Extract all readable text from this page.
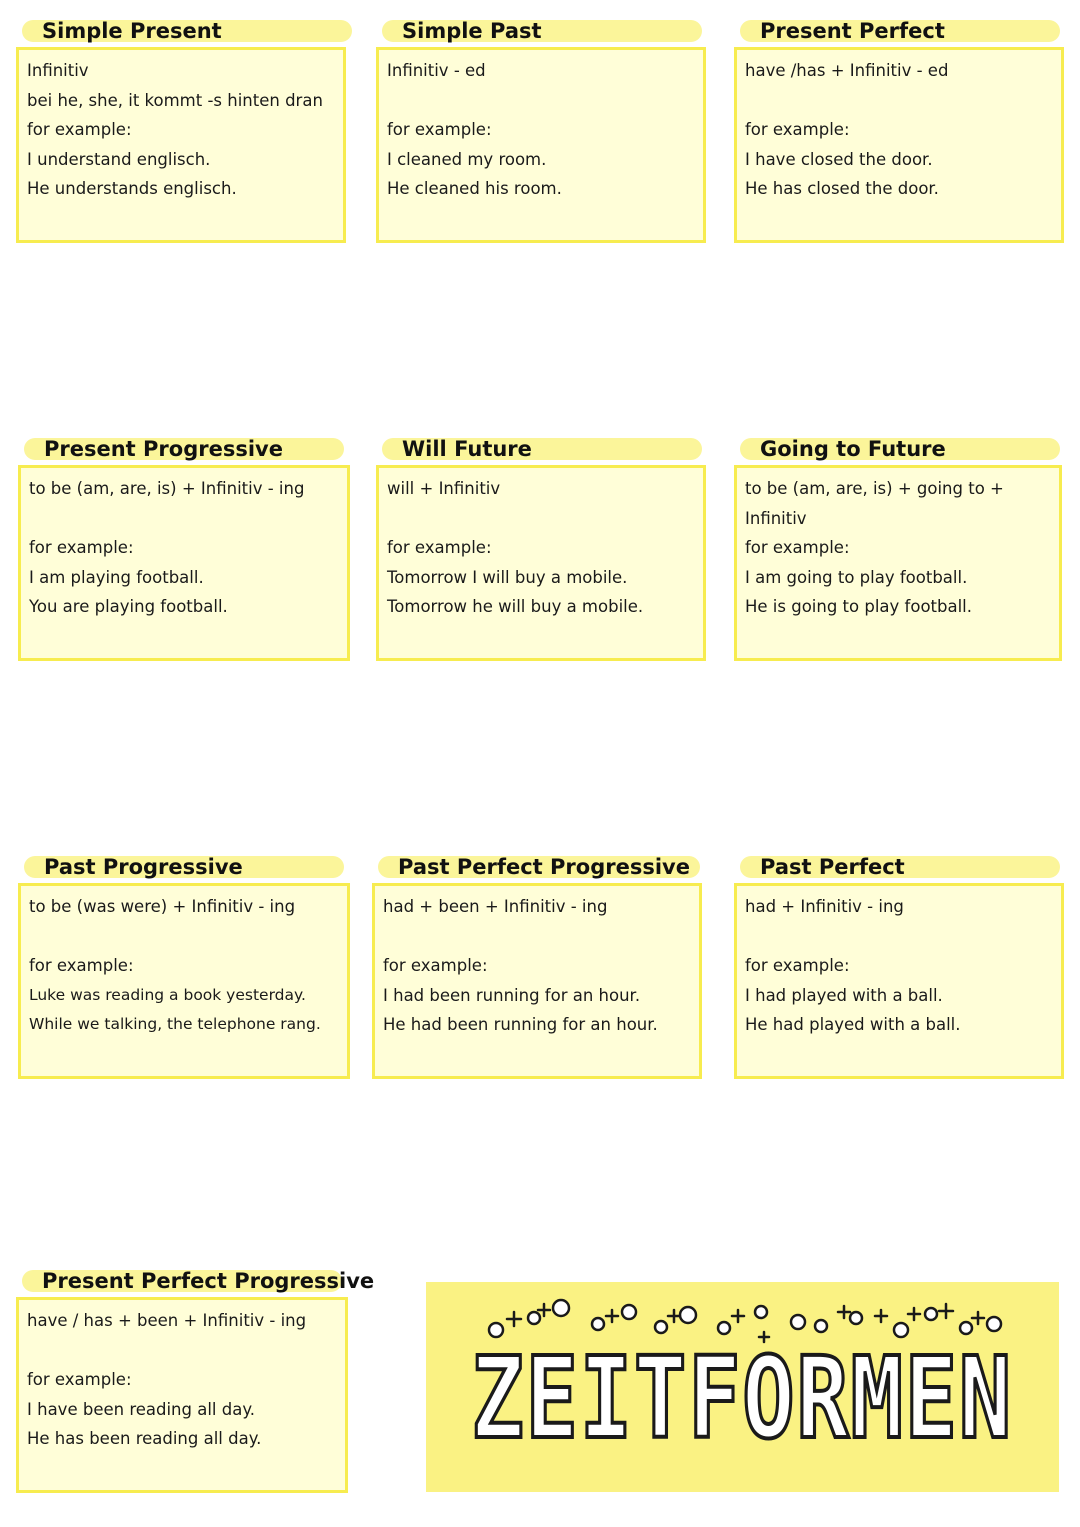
Simple Present
Infinitiv
bei he, she, it kommt -s hinten dran
for example:
I understand englisch.
He understands englisch.
Simple Past
Infinitiv - ed
for example:
I cleaned my room.
He cleaned his room.
Present Perfect
have /has + Infinitiv - ed
for example:
I have closed the door.
He has closed the door.
Present Progressive
to be (am, are, is) + Infinitiv - ing
for example:
I am playing football.
You are playing football.
Will Future
will + Infinitiv
for example:
Tomorrow I will buy a mobile.
Tomorrow he will buy a mobile.
Going to Future
to be (am, are, is) + going to +
Infinitiv
for example:
I am going to play football.
He is going to play football.
Past Progressive
to be (was were) + Infinitiv - ing
for example:
Luke was reading a book yesterday.
While we talking, the telephone rang.
Past Perfect Progressive
had + been + Infinitiv - ing
for example:
I had been running for an hour.
He had been running for an hour.
Past Perfect
had + Infinitiv - ing
for example:
I had played with a ball.
He had played with a ball.
Present Perfect Progressive
have / has + been + Infinitiv - ing
for example:
I have been reading all day.
He has been reading all day.	ZEITFORMEN
